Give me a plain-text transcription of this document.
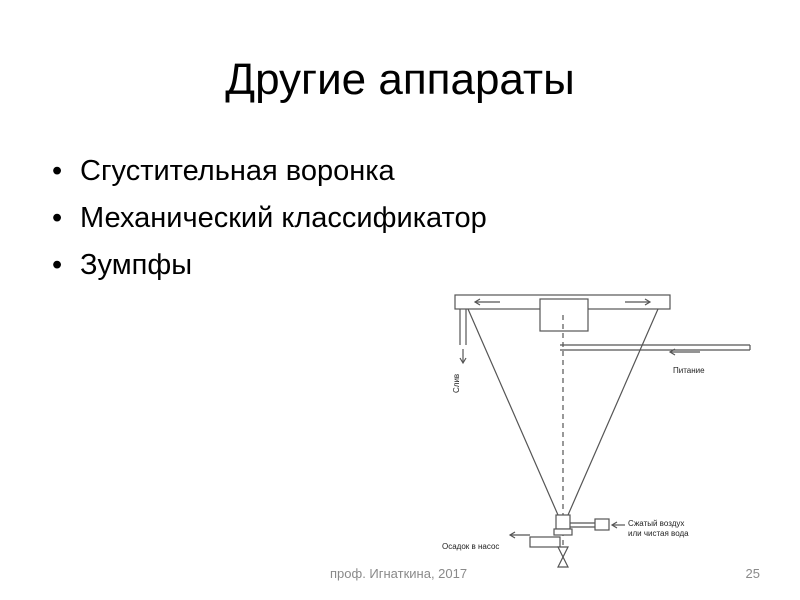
Другие аппараты
• Сгустительная воронка
• Механический классификатор
• Зумпфы
Слив
Питание
Сжатый воздух
или чистая вода
Осадок в насос
проф. Игнаткина, 2017	25
